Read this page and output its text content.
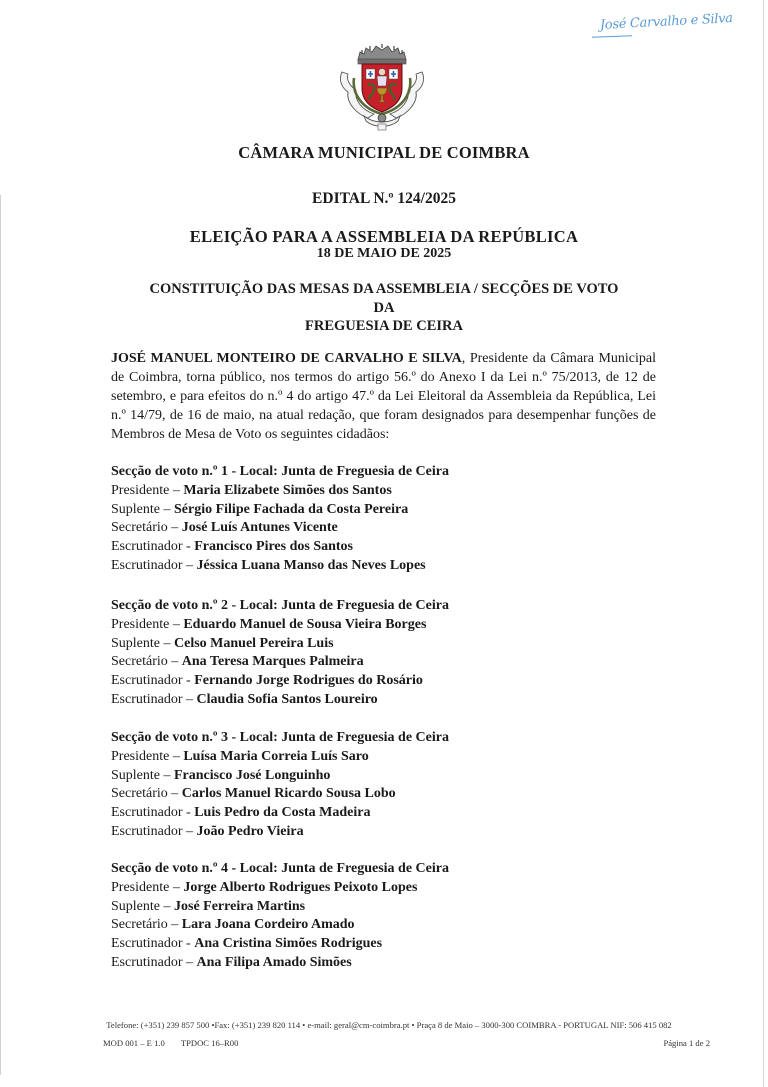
José Carvalho e Silva
CÂMARA MUNICIPAL DE COIMBRA
EDITAL N.º 124/2025
ELEIÇÃO PARA A ASSEMBLEIA DA REPÚBLICA
18 DE MAIO DE 2025
CONSTITUIÇÃO DAS MESAS DA ASSEMBLEIA / SECÇÕES DE VOTO
DA
FREGUESIA DE CEIRA
JOSÉ MANUEL MONTEIRO DE CARVALHO E SILVA, Presidente da Câmara Municipal de Coimbra, torna público, nos termos do artigo 56.º do Anexo I da Lei n.º 75/2013, de 12 de setembro, e para efeitos do n.º 4 do artigo 47.º da Lei Eleitoral da Assembleia da República, Lei n.º 14/79, de 16 de maio, na atual redação, que foram designados para desempenhar funções de Membros de Mesa de Voto os seguintes cidadãos:
Secção de voto n.º 1 - Local: Junta de Freguesia de Ceira
Presidente – Maria Elizabete Simões dos Santos
Suplente – Sérgio Filipe Fachada da Costa Pereira
Secretário – José Luís Antunes Vicente
Escrutinador - Francisco Pires dos Santos
Escrutinador – Jéssica Luana Manso das Neves Lopes
Secção de voto n.º 2 - Local: Junta de Freguesia de Ceira
Presidente – Eduardo Manuel de Sousa Vieira Borges
Suplente – Celso Manuel Pereira Luis
Secretário – Ana Teresa Marques Palmeira
Escrutinador - Fernando Jorge Rodrigues do Rosário
Escrutinador – Claudia Sofia Santos Loureiro
Secção de voto n.º 3 - Local: Junta de Freguesia de Ceira
Presidente – Luísa Maria Correia Luís Saro
Suplente – Francisco José Longuinho
Secretário – Carlos Manuel Ricardo Sousa Lobo
Escrutinador - Luis Pedro da Costa Madeira
Escrutinador – João Pedro Vieira
Secção de voto n.º 4 - Local: Junta de Freguesia de Ceira
Presidente – Jorge Alberto Rodrigues Peixoto Lopes
Suplente – José Ferreira Martins
Secretário – Lara Joana Cordeiro Amado
Escrutinador - Ana Cristina Simões Rodrigues
Escrutinador – Ana Filipa Amado Simões
Telefone: (+351) 239 857 500 •Fax: (+351) 239 820 114 • e-mail: geral@cm-coimbra.pt • Praça 8 de Maio – 3000-300 COIMBRA - PORTUGAL NIF: 506 415 082
MOD 001 – E 1.0 TPDOC 16–R00	Página 1 de 2
